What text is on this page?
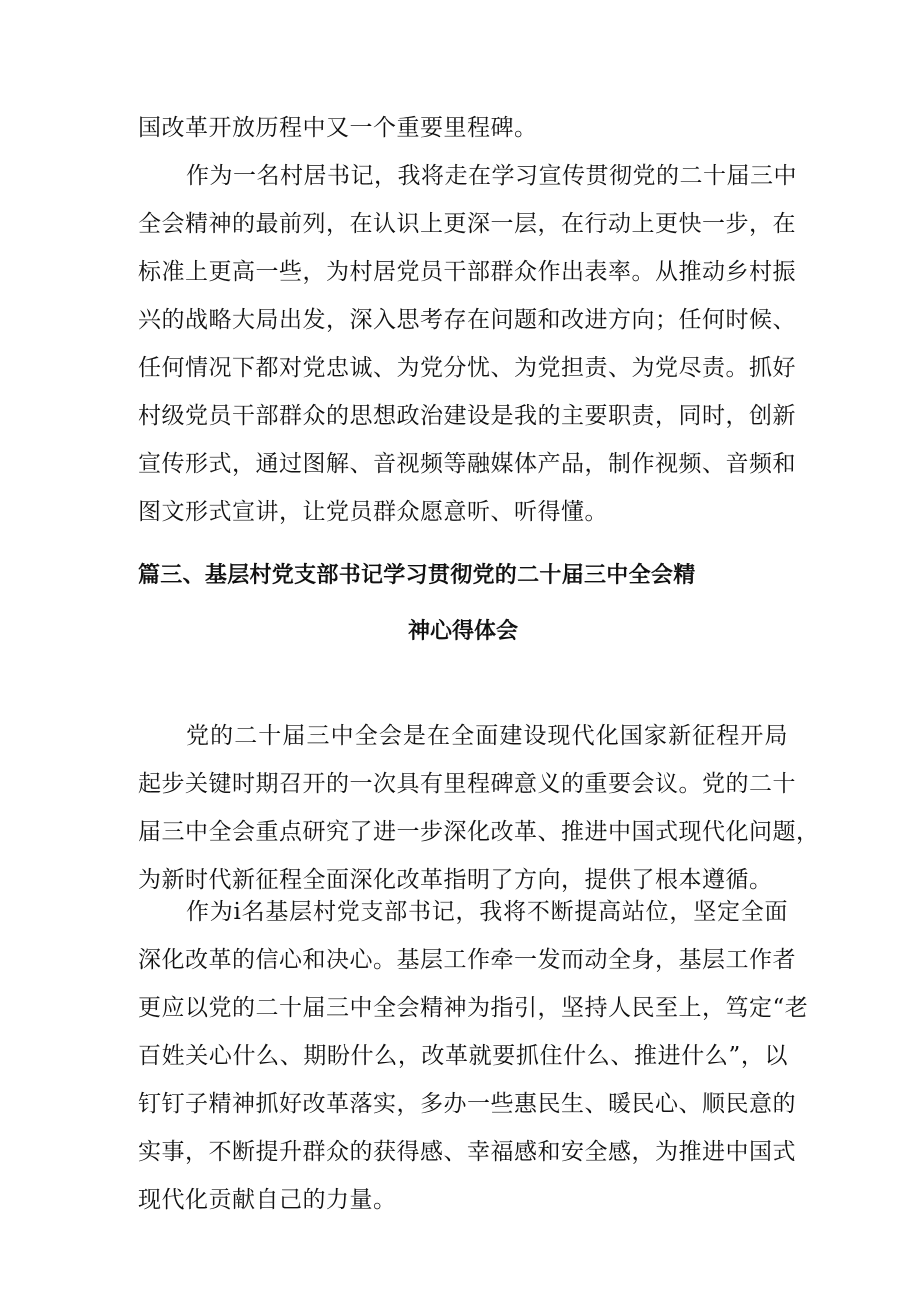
国改革开放历程中又一个重要里程碑。
作为一名村居书记，我将走在学习宣传贯彻党的二十届三中
全会精神的最前列，在认识上更深一层，在行动上更快一步，在
标准上更高一些，为村居党员干部群众作出表率。从推动乡村振
兴的战略大局出发，深入思考存在问题和改进方向；任何时候、
任何情况下都对党忠诚、为党分忧、为党担责、为党尽责。抓好
村级党员干部群众的思想政治建设是我的主要职责，同时，创新
宣传形式，通过图解、音视频等融媒体产品，制作视频、音频和
图文形式宣讲，让党员群众愿意听、听得懂。
篇三、基层村党支部书记学习贯彻党的二十届三中全会精
神心得体会
党的二十届三中全会是在全面建设现代化国家新征程开局
起步关键时期召开的一次具有里程碑意义的重要会议。党的二十
届三中全会重点研究了进一步深化改革、推进中国式现代化问题，
为新时代新征程全面深化改革指明了方向，提供了根本遵循。
作为i名基层村党支部书记，我将不断提高站位，坚定全面
深化改革的信心和决心。基层工作牵一发而动全身，基层工作者
更应以党的二十届三中全会精神为指引，坚持人民至上，笃定“老
百姓关心什么、期盼什么，改革就要抓住什么、推进什么”，以
钉钉子精神抓好改革落实，多办一些惠民生、暖民心、顺民意的
实事，不断提升群众的获得感、幸福感和安全感，为推进中国式
现代化贡献自己的力量。
